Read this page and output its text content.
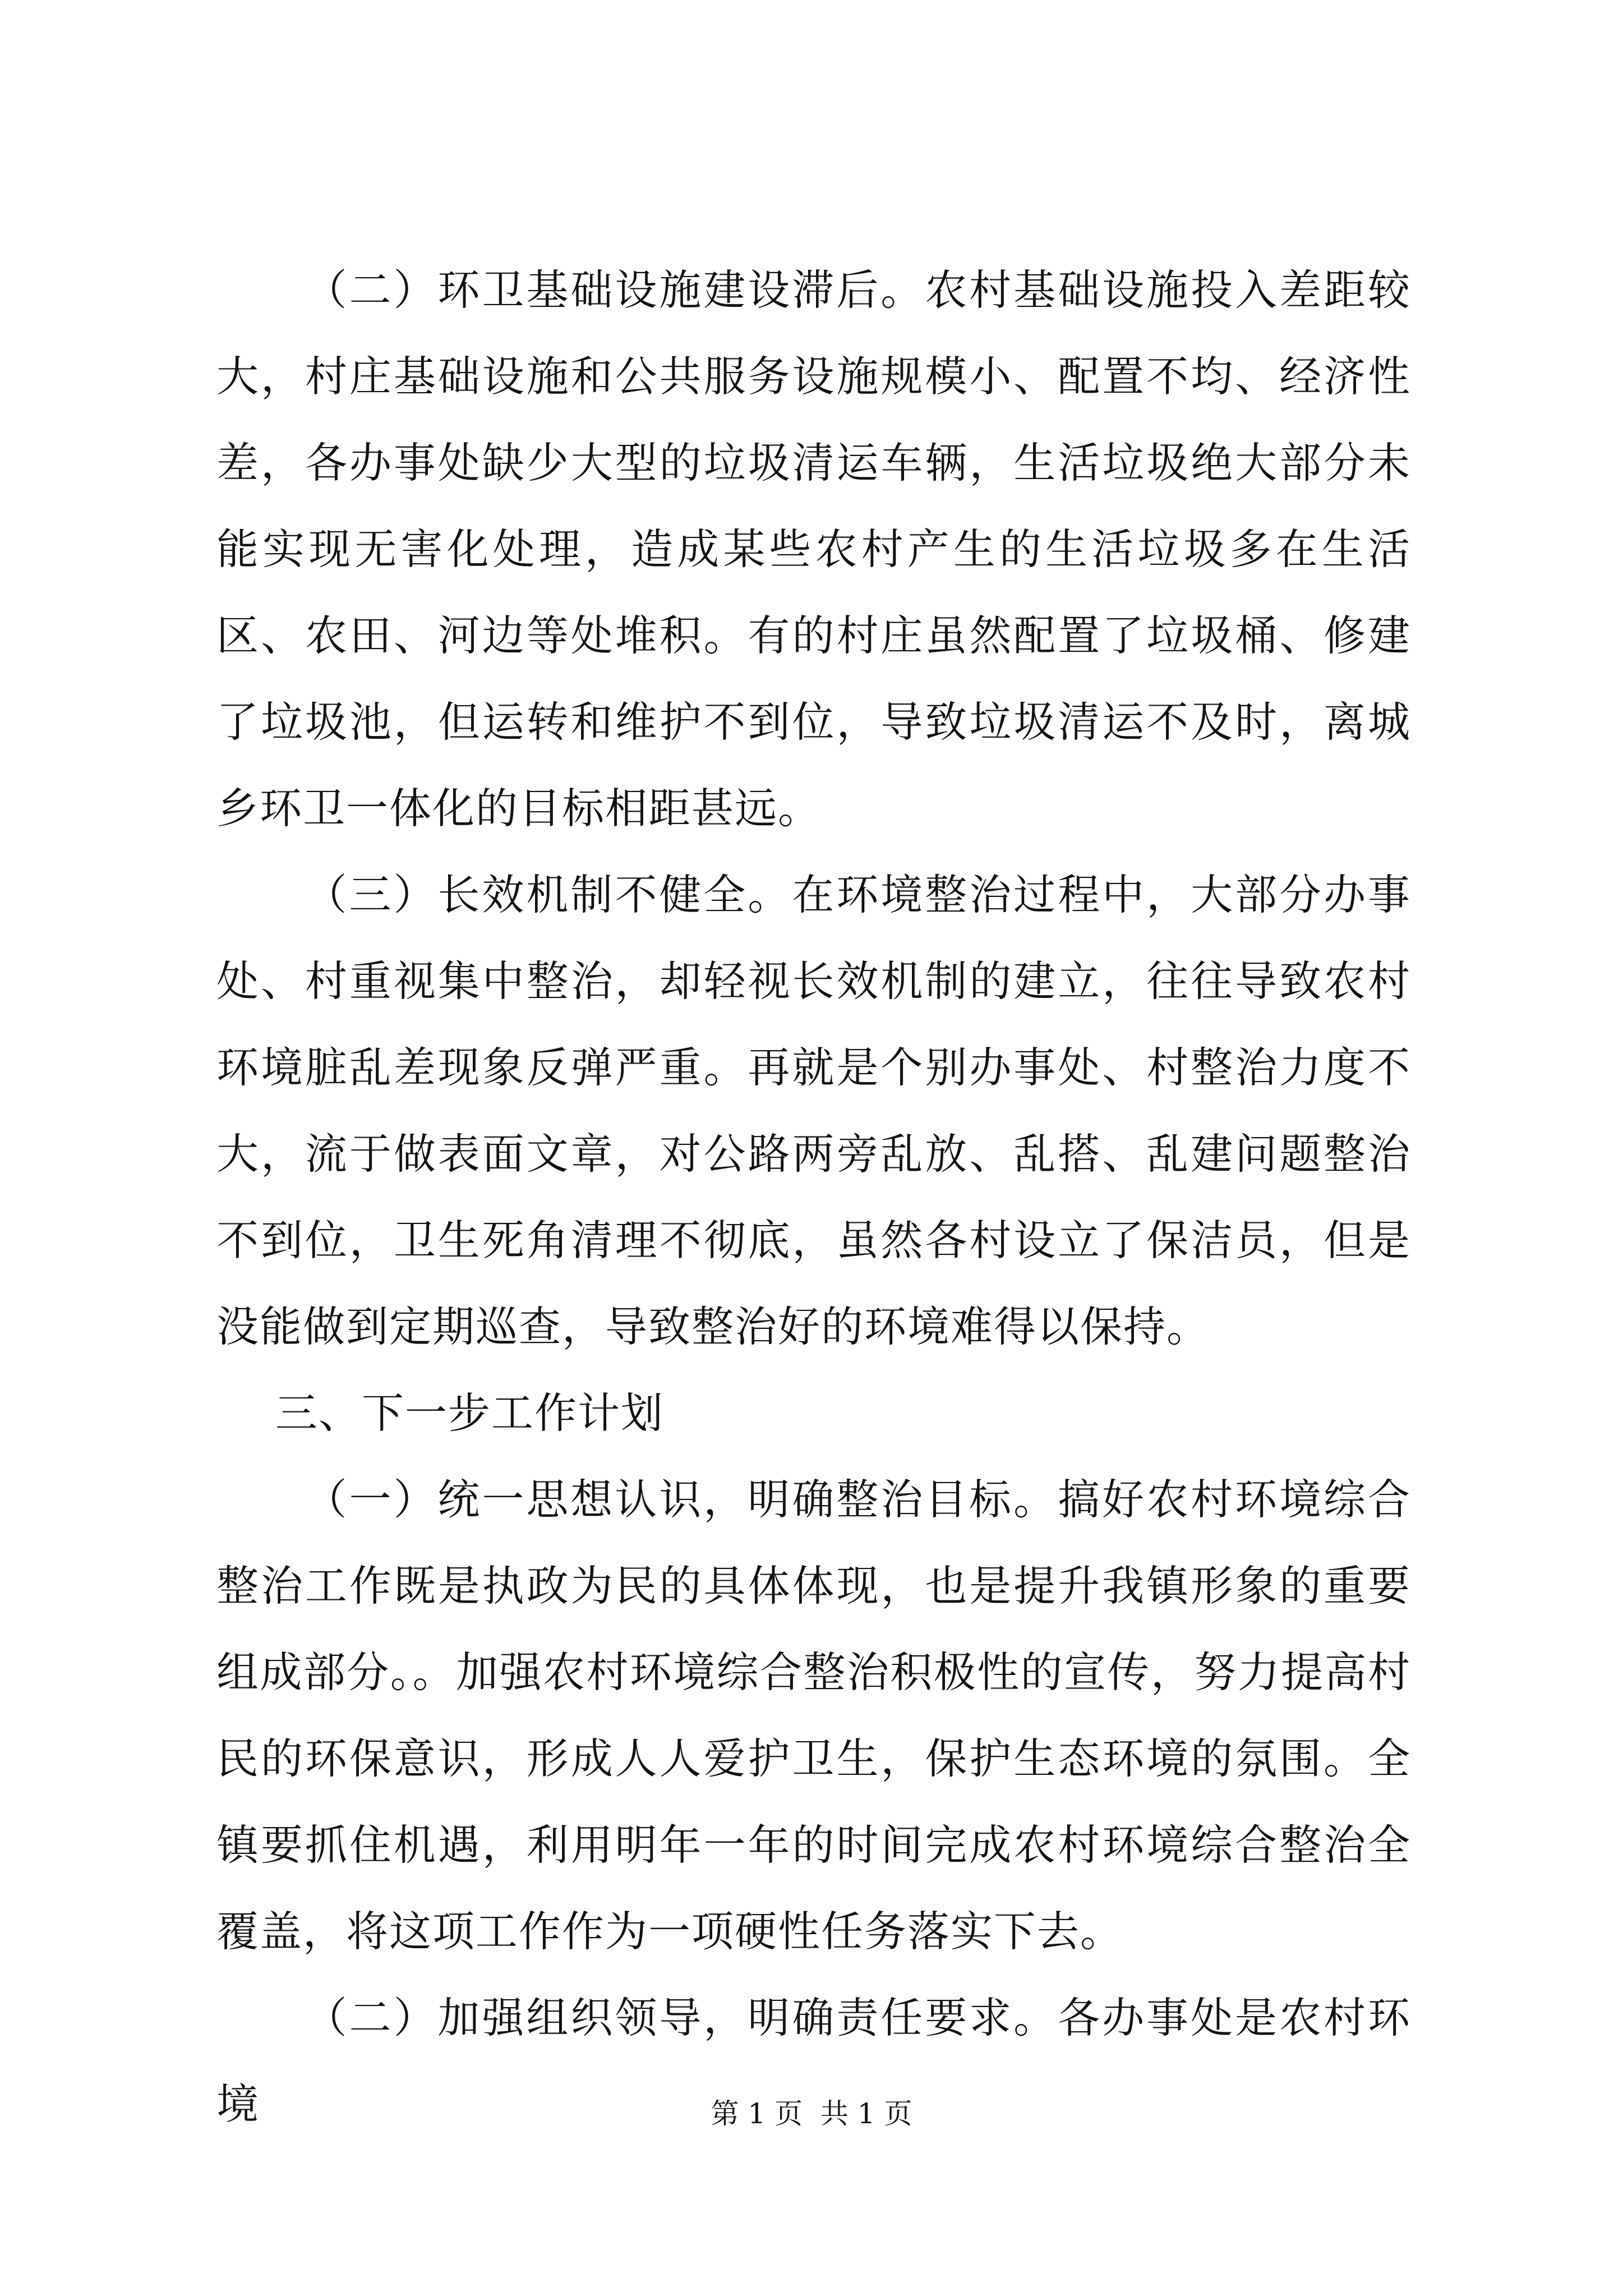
（二）环卫基础设施建设滞后。农村基础设施投入差距较大，村庄基础设施和公共服务设施规模小、配置不均、经济性差，各办事处缺少大型的垃圾清运车辆，生活垃圾绝大部分未能实现无害化处理，造成某些农村产生的生活垃圾多在生活区、农田、河边等处堆积。有的村庄虽然配置了垃圾桶、修建了垃圾池，但运转和维护不到位，导致垃圾清运不及时，离城乡环卫一体化的目标相距甚远。

（三）长效机制不健全。在环境整治过程中，大部分办事处、村重视集中整治，却轻视长效机制的建立，往往导致农村环境脏乱差现象反弹严重。再就是个别办事处、村整治力度不大，流于做表面文章，对公路两旁乱放、乱搭、乱建问题整治不到位，卫生死角清理不彻底，虽然各村设立了保洁员，但是没能做到定期巡查，导致整治好的环境难得以保持。

三、下一步工作计划

（一）统一思想认识，明确整治目标。搞好农村环境综合整治工作既是执政为民的具体体现，也是提升我镇形象的重要组成部分。。加强农村环境综合整治积极性的宣传，努力提高村民的环保意识，形成人人爱护卫生，保护生态环境的氛围。全镇要抓住机遇，利用明年一年的时间完成农村环境综合整治全覆盖，将这项工作作为一项硬性任务落实下去。

（二）加强组织领导，明确责任要求。各办事处是农村环境	第 1 页  共 1 页
